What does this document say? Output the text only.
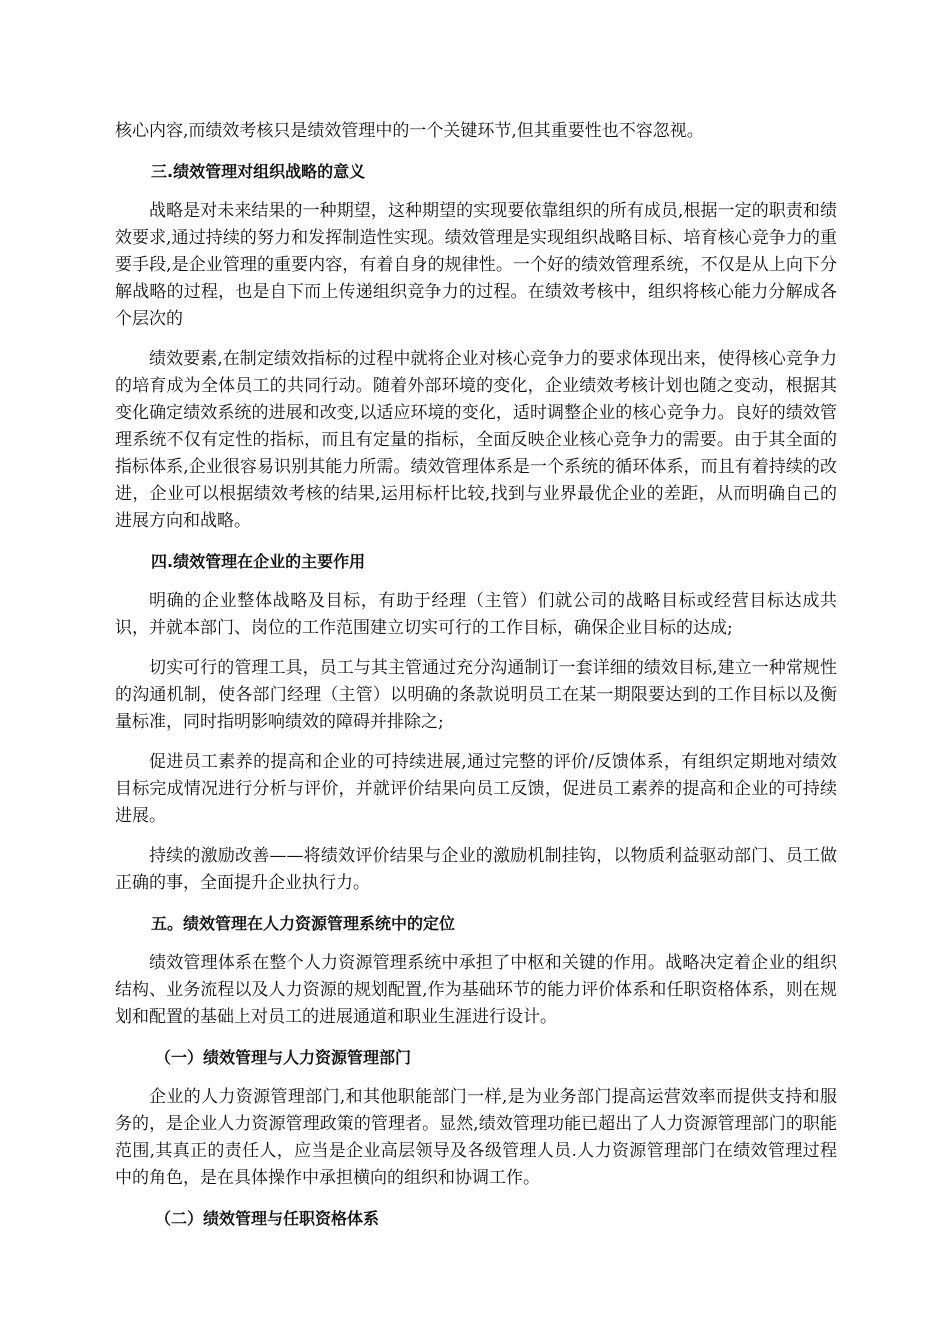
核心内容,而绩效考核只是绩效管理中的一个关键环节,但其重要性也不容忽视。

三.绩效管理对组织战略的意义

战略是对未来结果的一种期望，这种期望的实现要依靠组织的所有成员,根据一定的职责和绩效要求,通过持续的努力和发挥制造性实现。绩效管理是实现组织战略目标、培育核心竞争力的重要手段,是企业管理的重要内容，有着自身的规律性。一个好的绩效管理系统，不仅是从上向下分解战略的过程，也是自下而上传递组织竞争力的过程。在绩效考核中，组织将核心能力分解成各个层次的

绩效要素,在制定绩效指标的过程中就将企业对核心竞争力的要求体现出来，使得核心竞争力的培育成为全体员工的共同行动。随着外部环境的变化，企业绩效考核计划也随之变动，根据其变化确定绩效系统的进展和改变,以适应环境的变化，适时调整企业的核心竞争力。良好的绩效管理系统不仅有定性的指标，而且有定量的指标，全面反映企业核心竞争力的需要。由于其全面的指标体系,企业很容易识别其能力所需。绩效管理体系是一个系统的循环体系，而且有着持续的改进，企业可以根据绩效考核的结果,运用标杆比较,找到与业界最优企业的差距，从而明确自己的进展方向和战略。

四.绩效管理在企业的主要作用

明确的企业整体战略及目标，有助于经理（主管）们就公司的战略目标或经营目标达成共识，并就本部门、岗位的工作范围建立切实可行的工作目标，确保企业目标的达成;

切实可行的管理工具，员工与其主管通过充分沟通制订一套详细的绩效目标,建立一种常规性的沟通机制，使各部门经理（主管）以明确的条款说明员工在某一期限要达到的工作目标以及衡量标准，同时指明影响绩效的障碍并排除之;

促进员工素养的提高和企业的可持续进展,通过完整的评价/反馈体系，有组织定期地对绩效目标完成情况进行分析与评价，并就评价结果向员工反馈，促进员工素养的提高和企业的可持续进展。

持续的激励改善——将绩效评价结果与企业的激励机制挂钩，以物质利益驱动部门、员工做正确的事，全面提升企业执行力。

五。绩效管理在人力资源管理系统中的定位

绩效管理体系在整个人力资源管理系统中承担了中枢和关键的作用。战略决定着企业的组织结构、业务流程以及人力资源的规划配置,作为基础环节的能力评价体系和任职资格体系，则在规划和配置的基础上对员工的进展通道和职业生涯进行设计。

（一）绩效管理与人力资源管理部门

企业的人力资源管理部门,和其他职能部门一样,是为业务部门提高运营效率而提供支持和服务的，是企业人力资源管理政策的管理者。显然,绩效管理功能已超出了人力资源管理部门的职能范围,其真正的责任人，应当是企业高层领导及各级管理人员.人力资源管理部门在绩效管理过程中的角色，是在具体操作中承担横向的组织和协调工作。

（二）绩效管理与任职资格体系
